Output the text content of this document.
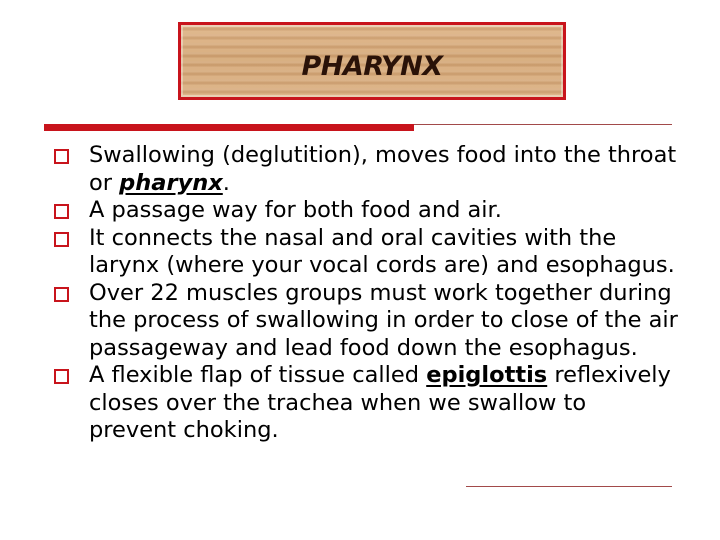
PHARYNX
Swallowing (deglutition), moves food into the throat or pharynx.
A passage way for both food and air.
It connects the nasal and oral cavities with the larynx (where your vocal cords are) and esophagus.
Over 22 muscles groups must work together during the process of swallowing in order to close of the air passageway and lead food down the esophagus.
A flexible flap of tissue called epiglottis reflexively closes over the trachea when we swallow to prevent choking.
